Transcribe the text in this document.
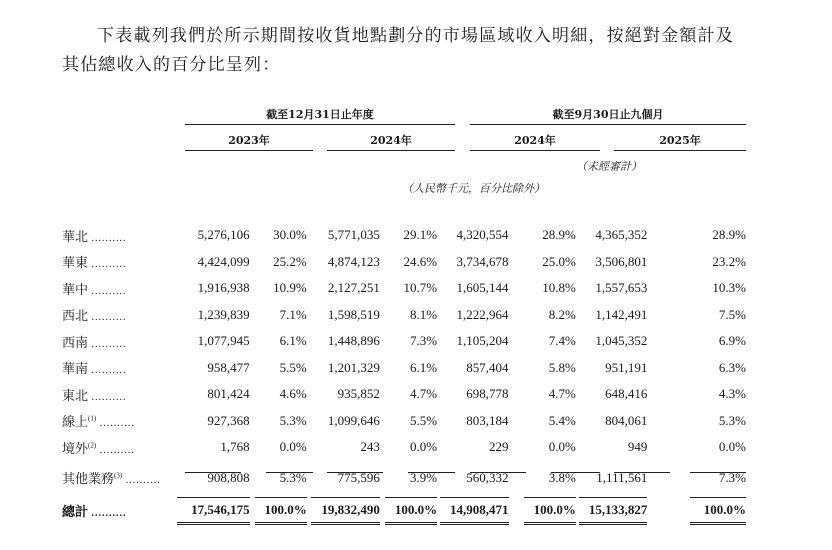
下表載列我們於所示期間按收貨地點劃分的市場區域收入明細，按絕對金額計及

其佔總收入的百分比呈列：
截至12月31日止年度	截至9月30日止九個月
2023年	2024年	2024年	2025年
（未經審計）
（人民幣千元，百分比除外）
華北 ..........	5,276,106	30.0%	5,771,035	29.1%	4,320,554	28.9%	4,365,352	28.9%
華東 ..........	4,424,099	25.2%	4,874,123	24.6%	3,734,678	25.0%	3,506,801	23.2%
華中 ..........	1,916,938	10.9%	2,127,251	10.7%	1,605,144	10.8%	1,557,653	10.3%
西北 ..........	1,239,839	7.1%	1,598,519	8.1%	1,222,964	8.2%	1,142,491	7.5%
西南 ..........	1,077,945	6.1%	1,448,896	7.3%	1,105,204	7.4%	1,045,352	6.9%
華南 ..........	958,477	5.5%	1,201,329	6.1%	857,404	5.8%	951,191	6.3%
東北 ..........	801,424	4.6%	935,852	4.7%	698,778	4.7%	648,416	4.3%
線上$^{(1)}$ ..........	927,368	5.3%	1,099,646	5.5%	803,184	5.4%	804,061	5.3%
境外$^{(2)}$ ..........	1,768	0.0%	243	0.0%	229	0.0%	949	0.0%
其他業務$^{(3)}$ ..........	908,808	5.3%	775,596	3.9%	560,332	3.8%	1,111,561	7.3%
總計 ..........	17,546,175	100.0%	19,832,490	100.0%	14,908,471	100.0%	15,133,827	100.0%
